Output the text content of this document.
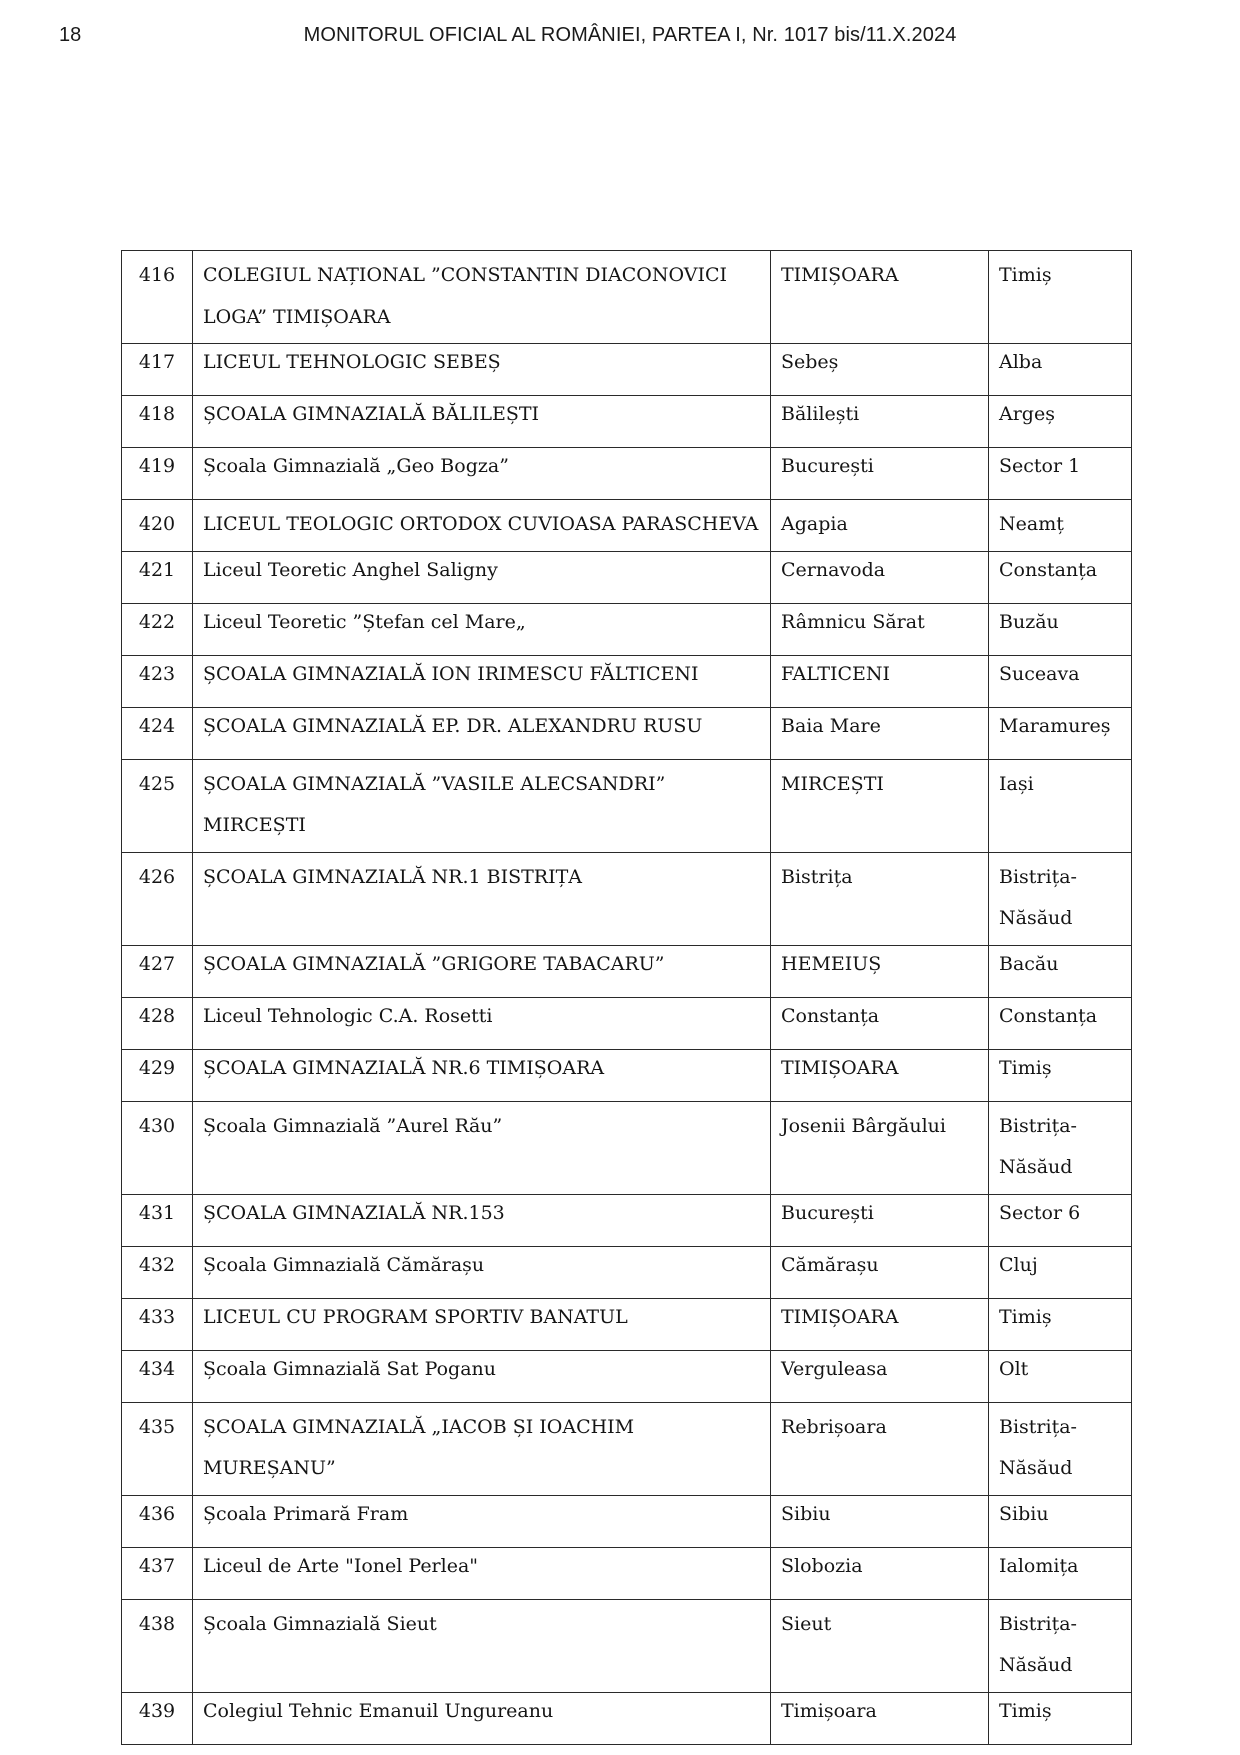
18	MONITORUL OFICIAL AL ROMÂNIEI, PARTEA I, Nr. 1017 bis/11.X.2024
416	COLEGIUL NAȚIONAL ”CONSTANTIN DIACONOVICI LOGA” TIMIȘOARA	TIMIȘOARA	Timiș
417	LICEUL TEHNOLOGIC SEBEȘ	Sebeș	Alba
418	ȘCOALA GIMNAZIALĂ BĂLILEȘTI	Bălilești	Argeș
419	Școala Gimnazială „Geo Bogza”	București	Sector 1
420	LICEUL TEOLOGIC ORTODOX CUVIOASA PARASCHEVA	Agapia	Neamț
421	Liceul Teoretic Anghel Saligny	Cernavoda	Constanța
422	Liceul Teoretic ”Ștefan cel Mare„	Râmnicu Sărat	Buzău
423	ȘCOALA GIMNAZIALĂ ION IRIMESCU FĂLTICENI	FALTICENI	Suceava
424	ȘCOALA GIMNAZIALĂ EP. DR. ALEXANDRU RUSU	Baia Mare	Maramureș
425	ȘCOALA GIMNAZIALĂ ”VASILE ALECSANDRI” MIRCEȘTI	MIRCEȘTI	Iași
426	ȘCOALA GIMNAZIALĂ NR.1 BISTRIȚA	Bistrița	Bistrița-Năsăud
427	ȘCOALA GIMNAZIALĂ ”GRIGORE TABACARU”	HEMEIUȘ	Bacău
428	Liceul Tehnologic C.A. Rosetti	Constanța	Constanța
429	ȘCOALA GIMNAZIALĂ NR.6 TIMIȘOARA	TIMIȘOARA	Timiș
430	Școala Gimnazială ”Aurel Rău”	Josenii Bârgăului	Bistrița-Năsăud
431	ȘCOALA GIMNAZIALĂ NR.153	București	Sector 6
432	Școala Gimnazială Cămărașu	Cămărașu	Cluj
433	LICEUL CU PROGRAM SPORTIV BANATUL	TIMIȘOARA	Timiș
434	Școala Gimnazială Sat Poganu	Verguleasa	Olt
435	ȘCOALA GIMNAZIALĂ „IACOB ȘI IOACHIM MUREȘANU”	Rebrișoara	Bistrița-Năsăud
436	Școala Primară Fram	Sibiu	Sibiu
437	Liceul de Arte "Ionel Perlea"	Slobozia	Ialomița
438	Școala Gimnazială Sieut	Sieut	Bistrița-Năsăud
439	Colegiul Tehnic Emanuil Ungureanu	Timișoara	Timiș
